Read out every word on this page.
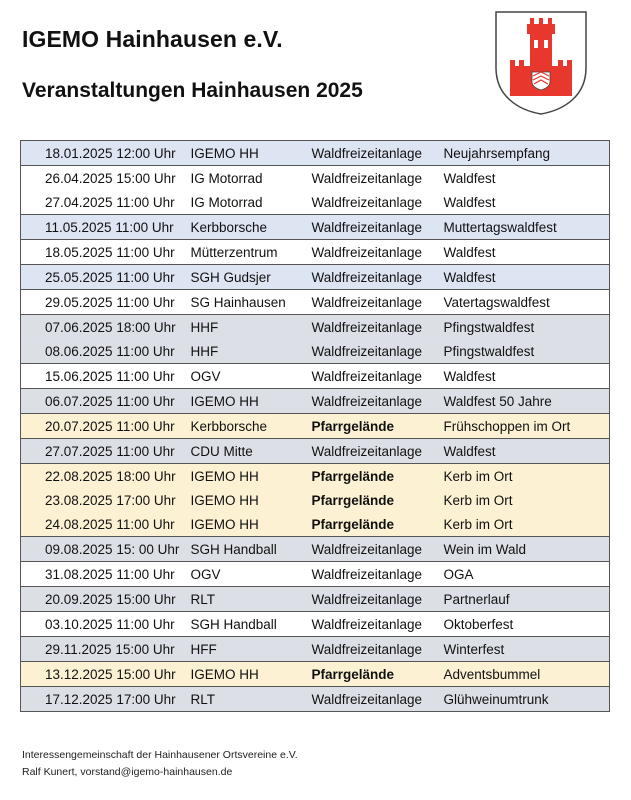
IGEMO Hainhausen e.V.
Veranstaltungen Hainhausen 2025
18.01.2025 12:00 Uhr	IGEMO HH	Waldfreizeitanlage	Neujahrsempfang
26.04.2025 15:00 Uhr	IG Motorrad	Waldfreizeitanlage	Waldfest
27.04.2025 11:00 Uhr	IG Motorrad	Waldfreizeitanlage	Waldfest
11.05.2025 11:00 Uhr	Kerbborsche	Waldfreizeitanlage	Muttertagswaldfest
18.05.2025 11:00 Uhr	Mütterzentrum	Waldfreizeitanlage	Waldfest
25.05.2025 11:00 Uhr	SGH Gudsjer	Waldfreizeitanlage	Waldfest
29.05.2025 11:00 Uhr	SG Hainhausen	Waldfreizeitanlage	Vatertagswaldfest
07.06.2025 18:00 Uhr	HHF	Waldfreizeitanlage	Pfingstwaldfest
08.06.2025 11:00 Uhr	HHF	Waldfreizeitanlage	Pfingstwaldfest
15.06.2025 11:00 Uhr	OGV	Waldfreizeitanlage	Waldfest
06.07.2025 11:00 Uhr	IGEMO HH	Waldfreizeitanlage	Waldfest 50 Jahre
20.07.2025 11:00 Uhr	Kerbborsche	Pfarrgelände	Frühschoppen im Ort
27.07.2025 11:00 Uhr	CDU Mitte	Waldfreizeitanlage	Waldfest
22.08.2025 18:00 Uhr	IGEMO HH	Pfarrgelände	Kerb im Ort
23.08.2025 17:00 Uhr	IGEMO HH	Pfarrgelände	Kerb im Ort
24.08.2025 11:00 Uhr	IGEMO HH	Pfarrgelände	Kerb im Ort
09.08.2025 15: 00 Uhr	SGH Handball	Waldfreizeitanlage	Wein im Wald
31.08.2025 11:00 Uhr	OGV	Waldfreizeitanlage	OGA
20.09.2025 15:00 Uhr	RLT	Waldfreizeitanlage	Partnerlauf
03.10.2025 11:00 Uhr	SGH Handball	Waldfreizeitanlage	Oktoberfest
29.11.2025 15:00 Uhr	HFF	Waldfreizeitanlage	Winterfest
13.12.2025 15:00 Uhr	IGEMO HH	Pfarrgelände	Adventsbummel
17.12.2025 17:00 Uhr	RLT	Waldfreizeitanlage	Glühweinumtrunk
Interessengemeinschaft der Hainhausener Ortsvereine e.V.
Ralf Kunert, vorstand@igemo-hainhausen.de
